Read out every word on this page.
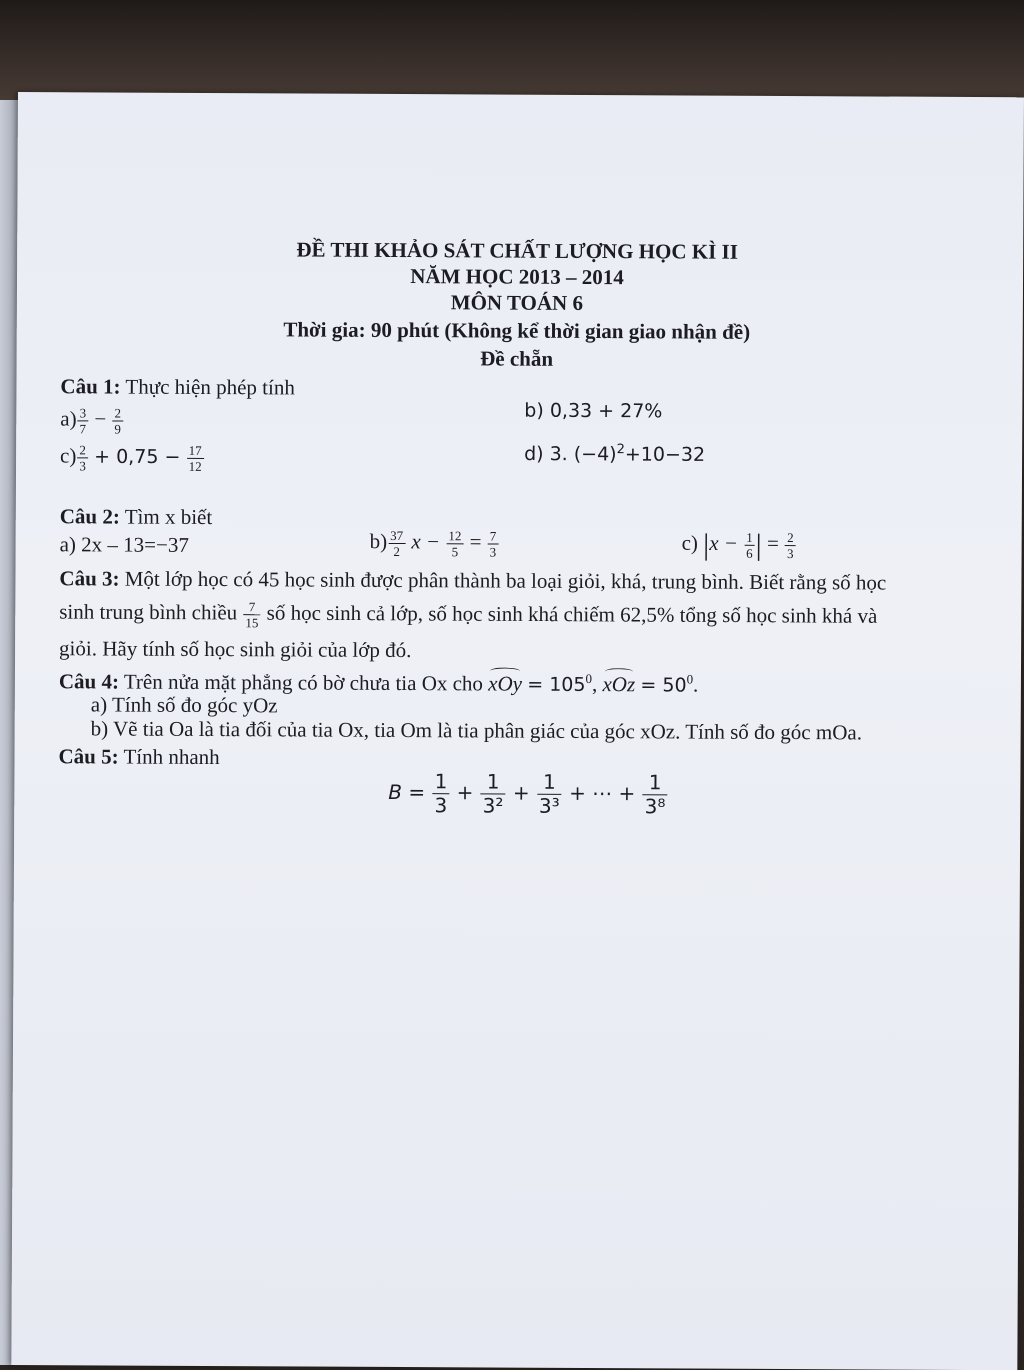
ĐỀ THI KHẢO SÁT CHẤT LƯỢNG HỌC KÌ II
NĂM HỌC 2013 – 2014
MÔN TOÁN 6
Thời gia: 90 phút (Không kể thời gian giao nhận đề)
Đề chẵn
Câu 1: Thực hiện phép tính
$a) \frac{3}{7} - \frac{2}{9}$	b) 0,33 + 27%
$c) \frac{2}{3} + 0,75 - \frac{17}{12}$	d) 3. $(-4)^2+10-32$
Câu 2: Tìm x biết
a) 2x – 13=−37	$b) \frac{37}{2}$ $x - \frac{12}{5} = \frac{7}{3}$	c) $|x - \frac{1}{6}$ | = $\frac{2}{3}$
Câu 3: Một lớp học có 45 học sinh được phân thành ba loại giỏi, khá, trung bình. Biết rằng số học
sinh trung bình chiều $\frac{7}{15}$ số học sinh cả lớp, số học sinh khá chiếm 62,5% tổng số học sinh khá và
giỏi. Hãy tính số học sinh giỏi của lớp đó.
Câu 4: Trên nửa mặt phẳng có bờ chưa tia Ox cho xOy = $105^0$, xOz = $50^0$.
a) Tính số đo góc yOz
b) Vẽ tia Oa là tia đối của tia Ox, tia Om là tia phân giác của góc xOz. Tính số đo góc mOa.
Câu 5: Tính nhanh
$B = \frac{1}{3} + \frac{1}{\text{3²}} + \frac{1}{\text{3³}}$ + ⋯ + $\frac{1}{\text{3⁸}}$
